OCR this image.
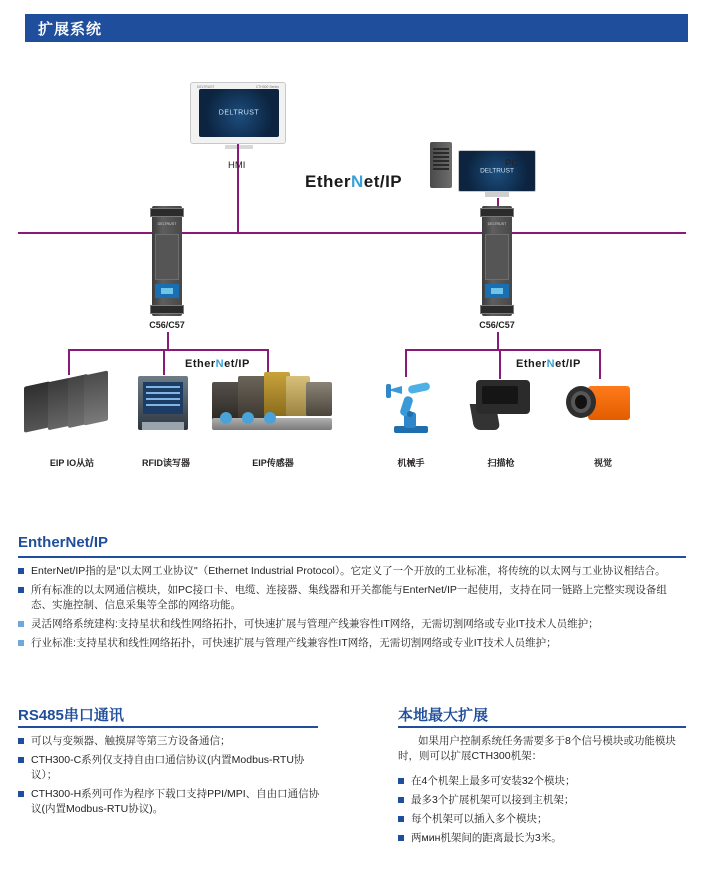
扩展系统
DELTRUST	CTH300 Series
DELTRUST
HMI	DELTRUST
PC
EtherNet/IP
DELTRUST
C56/C57
DELTRUST
C56/C57
EtherNet/IP	EtherNet/IP
EIP IO从站	RFID读写器	EIP传感器	机械手	扫描枪	视觉
EntherNet/IP
EnterNet/IP指的是"以太网工业协议"（Ethernet Industrial Protocol）。它定义了一个开放的工业标准，将传统的以太网与工业协议相结合。
所有标准的以太网通信模块，如PC接口卡、电缆、连接器、集线器和开关都能与EnterNet/IP一起使用，支持在同一链路上完整实现设备组态、实施控制、信息采集等全部的网络功能。
灵活网络系统建构:支持星状和线性网络拓扑，可快速扩展与管理产线兼容性IT网络，无需切割网络或专业IT技术人员维护；
行业标准:支持星状和线性网络拓扑，可快速扩展与管理产线兼容性IT网络，无需切割网络或专业IT技术人员维护；
RS485串口通讯
可以与变频器、触摸屏等第三方设备通信；
CTH300-C系列仅支持自由口通信协议(内置Modbus-RTU协议）；
CTH300-H系列可作为程序下载口支持PPI/MPI、自由口通信协议(内置Modbus-RTU协议)。
本地最大扩展
如果用户控制系统任务需要多于8个信号模块或功能模块时，则可以扩展CTH300机架：
在4个机架上最多可安装32个模块；
最多3个扩展机架可以接到主机架；
每个机架可以插入多个模块；
两мин机架间的距离最长为3米。
